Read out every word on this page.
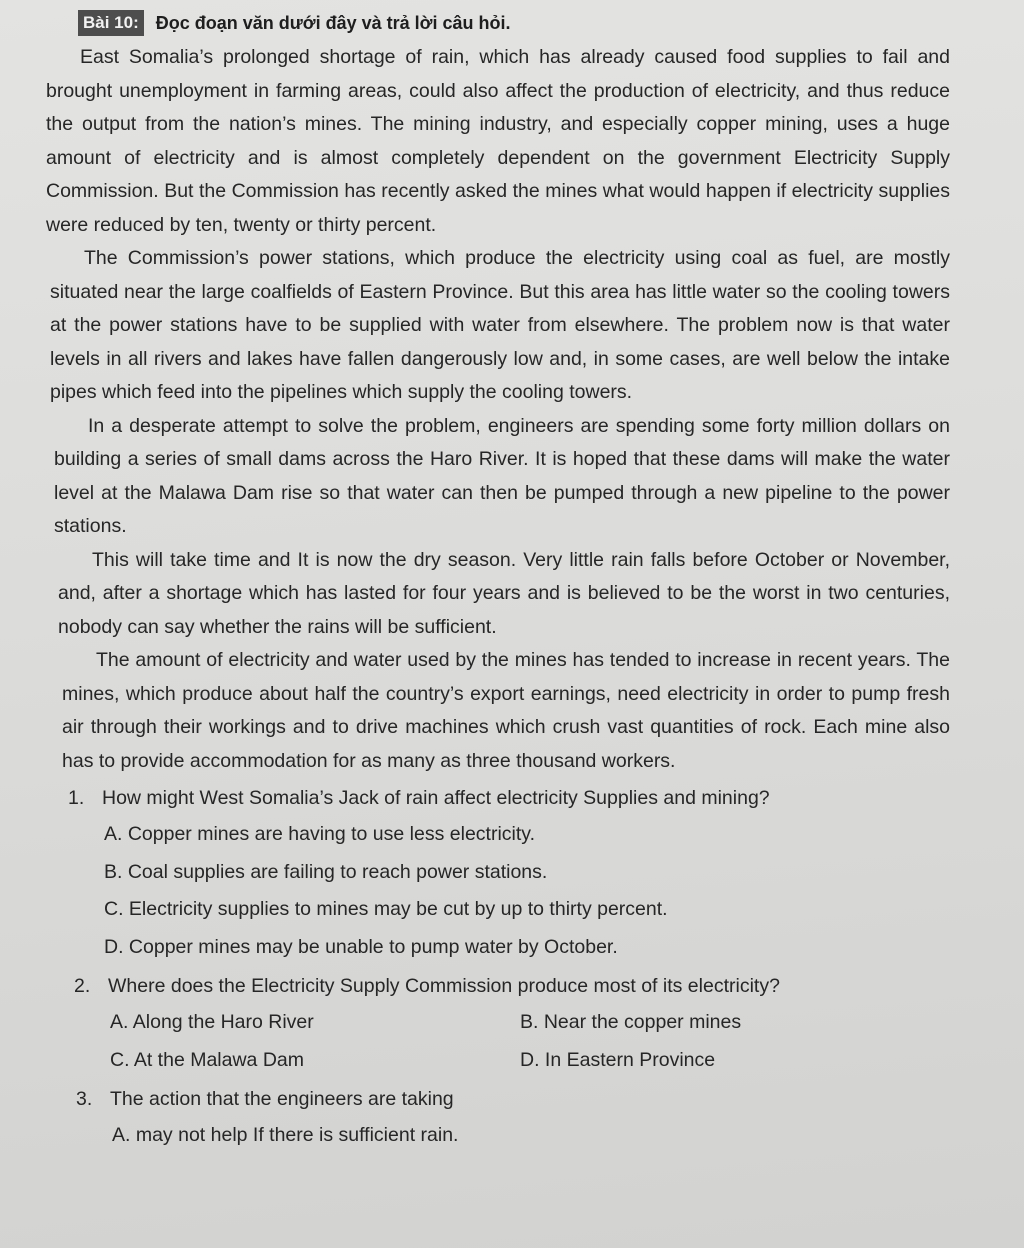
Bài 10: Đọc đoạn văn dưới đây và trả lời câu hỏi.

East Somalia’s prolonged shortage of rain, which has already caused food supplies to fail and brought unemployment in farming areas, could also affect the production of electricity, and thus reduce the output from the nation’s mines. The mining industry, and especially copper mining, uses a huge amount of electricity and is almost completely dependent on the government Electricity Supply Commission. But the Commission has recently asked the mines what would happen if electricity supplies were reduced by ten, twenty or thirty percent.

The Commission’s power stations, which produce the electricity using coal as fuel, are mostly situated near the large coalfields of Eastern Province. But this area has little water so the cooling towers at the power stations have to be supplied with water from elsewhere. The problem now is that water levels in all rivers and lakes have fallen dangerously low and, in some cases, are well below the intake pipes which feed into the pipelines which supply the cooling towers.

In a desperate attempt to solve the problem, engineers are spending some forty million dollars on building a series of small dams across the Haro River. It is hoped that these dams will make the water level at the Malawa Dam rise so that water can then be pumped through a new pipeline to the power stations.

This will take time and It is now the dry season. Very little rain falls before October or November, and, after a shortage which has lasted for four years and is believed to be the worst in two centuries, nobody can say whether the rains will be sufficient.

The amount of electricity and water used by the mines has tended to increase in recent years. The mines, which produce about half the country’s export earnings, need electricity in order to pump fresh air through their workings and to drive machines which crush vast quantities of rock. Each mine also has to provide accommodation for as many as three thousand workers.

1. How might West Somalia’s Jack of rain affect electricity Supplies and mining?
A. Copper mines are having to use less electricity.
B. Coal supplies are failing to reach power stations.
C. Electricity supplies to mines may be cut by up to thirty percent.
D. Copper mines may be unable to pump water by October.
2. Where does the Electricity Supply Commission produce most of its electricity?
A. Along the Haro River	B. Near the copper mines
C. At the Malawa Dam	D. In Eastern Province
3. The action that the engineers are taking
A. may not help If there is sufficient rain.
